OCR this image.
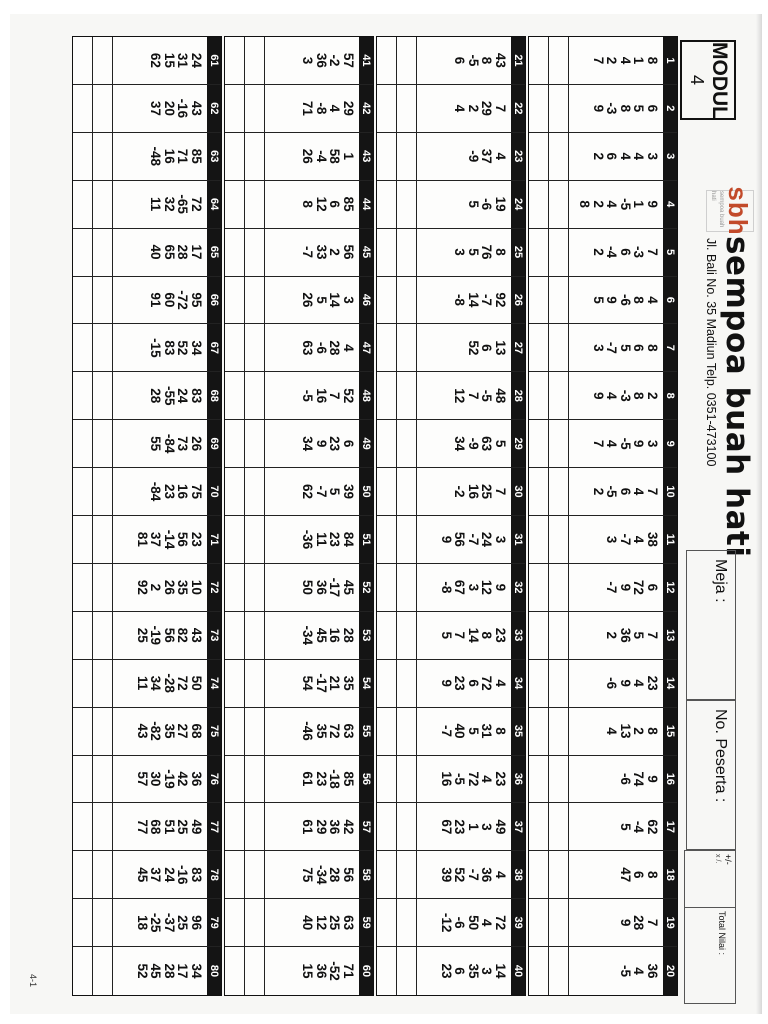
MODUL
4
sbh
sempoa buah hati
sempoa buah hati
Jl. Bali No. 35 Madiun Telp. 0351-473100
Meja :
No. Peserta :
+/-
x /.
Total Nilai :
1
8
1
4
2
7
2
6
5
8
-3
9
3
3
4
4
6
2
4
9
1
-5
4
2
8
5
7
-3
6
-4
2
6
4
8
-6
9
5
7
8
6
5
-7
3
8
2
8
-3
4
9
9
3
9
-5
4
7
10
7
4
6
-5
2
11
38
4
-7
3
12
6
72
9
-7
13
7
5
36
2
14
23
4
9
-6
15
8
2
13
4
16
9
74
-6
17
62
-4
5
18
8
6
47
19
7
28
9
20
36
4
-5
21
43
8
-5
6
22
7
29
2
4
23
4
37
-9
24
19
-6
5
25
8
76
5
3
26
92
-7
14
-8
27
13
6
52
28
48
-5
7
12
29
5
63
-9
34
30
7
25
16
-2
31
3
24
-7
56
9
32
9
12
3
67
-8
33
23
8
14
7
5
34
4
72
6
23
9
35
8
31
5
40
-7
36
23
4
72
-5
16
37
49
3
1
23
67
38
4
36
-7
52
39
39
72
4
50
-6
-12
40
14
3
35
6
23
41
57
-2
36
3
42
29
4
-8
71
43
1
58
-4
26
44
85
6
12
8
45
56
2
33
-7
46
3
14
5
26
47
4
28
-6
63
48
52
7
16
-5
49
6
23
9
34
50
39
5
-7
62
51
84
23
11
-36
52
45
-17
36
50
53
28
16
45
-34
54
35
21
-17
54
55
63
72
35
-46
56
85
-18
23
61
57
42
36
29
61
58
56
28
-34
75
59
63
25
12
40
60
71
-52
36
15
61
24
31
15
62
62
43
-16
20
37
63
85
71
16
-48
64
72
-65
32
11
65
17
28
65
40
66
95
-72
60
91
67
34
52
83
-15
68
83
24
-55
28
69
26
73
-84
55
70
75
16
23
-84
71
23
56
-14
37
81
72
10
35
26
2
92
73
43
82
56
-19
25
74
50
72
-28
34
11
75
68
27
35
-82
43
76
36
42
-19
30
57
77
49
25
51
68
77
78
83
-16
24
37
45
79
96
25
-37
-25
18
80
34
17
28
45
52
4-1
